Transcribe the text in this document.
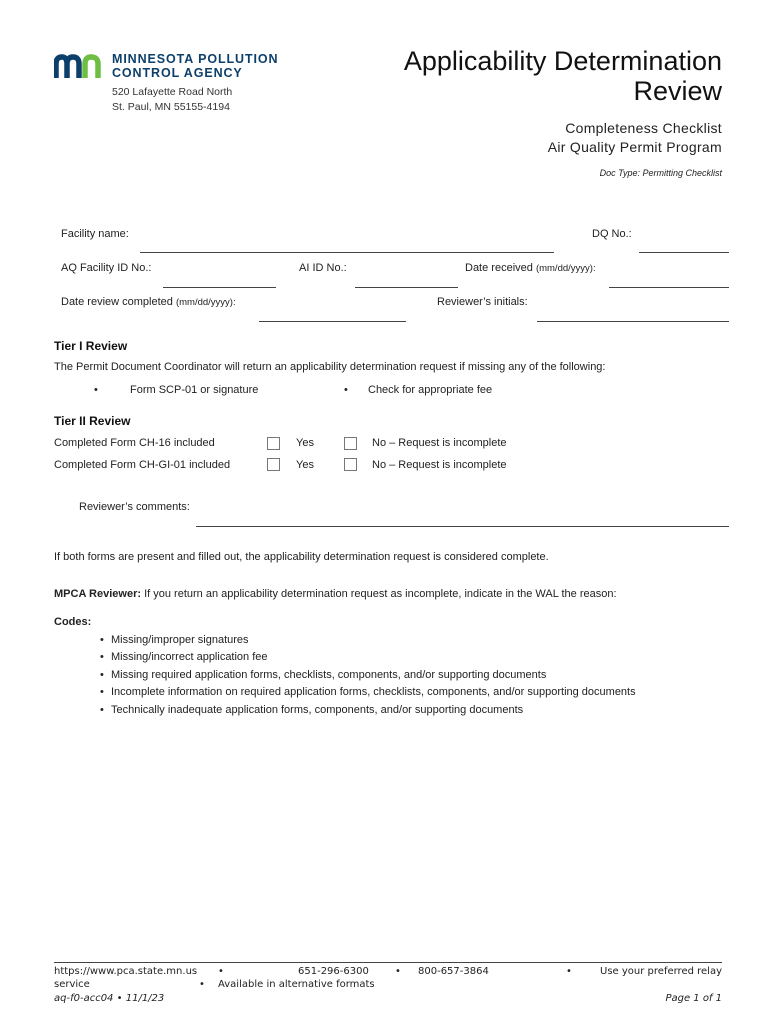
MINNESOTA POLLUTION
CONTROL AGENCY
520 Lafayette Road North
St. Paul, MN 55155-4194
Applicability Determination
Review
Completeness Checklist
Air Quality Permit Program
Doc Type: Permitting Checklist
Facility name:	DQ No.:
AQ Facility ID No.:	AI ID No.:	Date received (mm/dd/yyyy):
Date review completed (mm/dd/yyyy):	Reviewer’s initials:
Tier I Review
The Permit Document Coordinator will return an applicability determination request if missing any of the following:
•	Form SCP-01 or signature	• Check for appropriate fee
Tier II Review
Completed Form CH-16 included	Yes	No – Request is incomplete
Completed Form CH-GI-01 included	Yes	No – Request is incomplete
Reviewer’s comments:
If both forms are present and filled out, the applicability determination request is considered complete.
MPCA Reviewer: If you return an applicability determination request as incomplete, indicate in the WAL the reason:
Codes:
• Missing/improper signatures
• Missing/incorrect application fee
• Missing required application forms, checklists, components, and/or supporting documents
• Incomplete information on required application forms, checklists, components, and/or supporting documents
• Technically inadequate application forms, components, and/or supporting documents
https://www.pca.state.mn.us •	651-296-6300	• 800-657-3864	•	Use your preferred relay
service	• Available in alternative formats
aq-f0-acc04 • 11/1/23	Page 1 of 1
